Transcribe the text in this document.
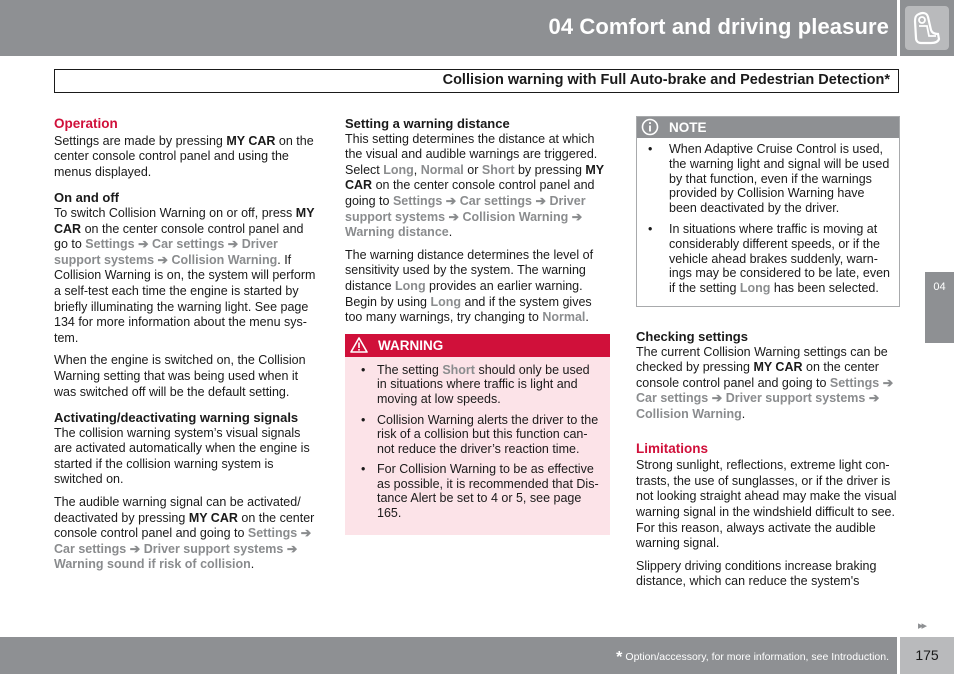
04 Comfort and driving pleasure
Collision warning with Full Auto-brake and Pedestrian Detection*
Operation

Settings are made by pressing MY CAR on the center console control panel and using the menus displayed.

On and off

To switch Collision Warning on or off, press MY CAR on the center console control panel and go to Settings ➔ Car settings ➔ Driver support systems ➔ Collision Warning. If Collision Warning is on, the system will perform a self-test each time the engine is started by briefly illuminating the warning light. See page 134 for more information about the menu sys-tem.

When the engine is switched on, the Collision Warning setting that was being used when it was switched off will be the default setting.

Activating/deactivating warning signals

The collision warning system’s visual signals are activated automatically when the engine is started if the collision warning system is switched on.

The audible warning signal can be activated/ deactivated by pressing MY CAR on the center console control panel and going to Settings ➔ Car settings ➔ Driver support systems ➔ Warning sound if risk of collision.

Setting a warning distance

This setting determines the distance at which the visual and audible warnings are triggered. Select Long, Normal or Short by pressing MY CAR on the center console control panel and going to Settings ➔ Car settings ➔ Driver support systems ➔ Collision Warning ➔ Warning distance.

The warning distance determines the level of sensitivity used by the system. The warning distance Long provides an earlier warning. Begin by using Long and if the system gives too many warnings, try changing to Normal.

WARNING
• The setting Short should only be used in situations where traffic is light and moving at low speeds.
• Collision Warning alerts the driver to the risk of a collision but this function can-not reduce the driver’s reaction time.
• For Collision Warning to be as effective as possible, it is recommended that Dis-tance Alert be set to 4 or 5, see page 165.
NOTE
• When Adaptive Cruise Control is used, the warning light and signal will be used by that function, even if the warnings provided by Collision Warning have been deactivated by the driver.
• In situations where traffic is moving at considerably different speeds, or if the vehicle ahead brakes suddenly, warn-ings may be considered to be late, even if the setting Long has been selected.
Checking settings

The current Collision Warning settings can be checked by pressing MY CAR on the center console control panel and going to Settings ➔ Car settings ➔ Driver support systems ➔ Collision Warning.

Limitations

Strong sunlight, reflections, extreme light con-trasts, the use of sunglasses, or if the driver is not looking straight ahead may make the visual warning signal in the windshield difficult to see. For this reason, always activate the audible warning signal.

Slippery driving conditions increase braking distance, which can reduce the system's

04
▸▸
* Option/accessory, for more information, see Introduction.	175
